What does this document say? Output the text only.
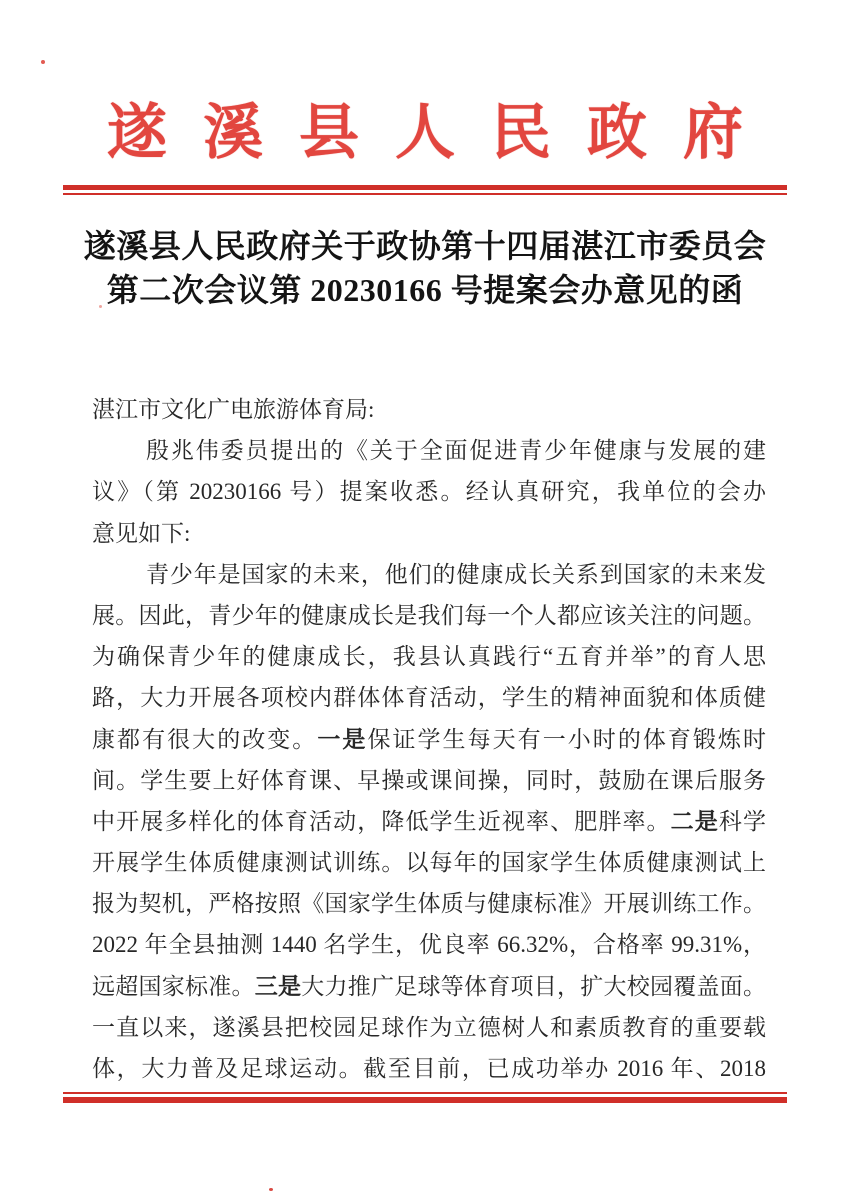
遂溪县人民政府
遂溪县人民政府关于政协第十四届湛江市委员会
第二次会议第 20230166 号提案会办意见的函
湛江市文化广电旅游体育局:
殷兆伟委员提出的《关于全面促进青少年健康与发展的建
议》（第 20230166 号）提案收悉。经认真研究，我单位的会办
意见如下:
青少年是国家的未来，他们的健康成长关系到国家的未来发
展。因此，青少年的健康成长是我们每一个人都应该关注的问题。
为确保青少年的健康成长，我县认真践行“五育并举”的育人思
路，大力开展各项校内群体体育活动，学生的精神面貌和体质健
康都有很大的改变。一是保证学生每天有一小时的体育锻炼时
间。学生要上好体育课、早操或课间操，同时，鼓励在课后服务
中开展多样化的体育活动，降低学生近视率、肥胖率。二是科学
开展学生体质健康测试训练。以每年的国家学生体质健康测试上
报为契机，严格按照《国家学生体质与健康标准》开展训练工作。
2022 年全县抽测 1440 名学生，优良率 66.32%，合格率 99.31%，
远超国家标准。三是大力推广足球等体育项目，扩大校园覆盖面。
一直以来，遂溪县把校园足球作为立德树人和素质教育的重要载
体，大力普及足球运动。截至目前，已成功举办 2016 年、2018
